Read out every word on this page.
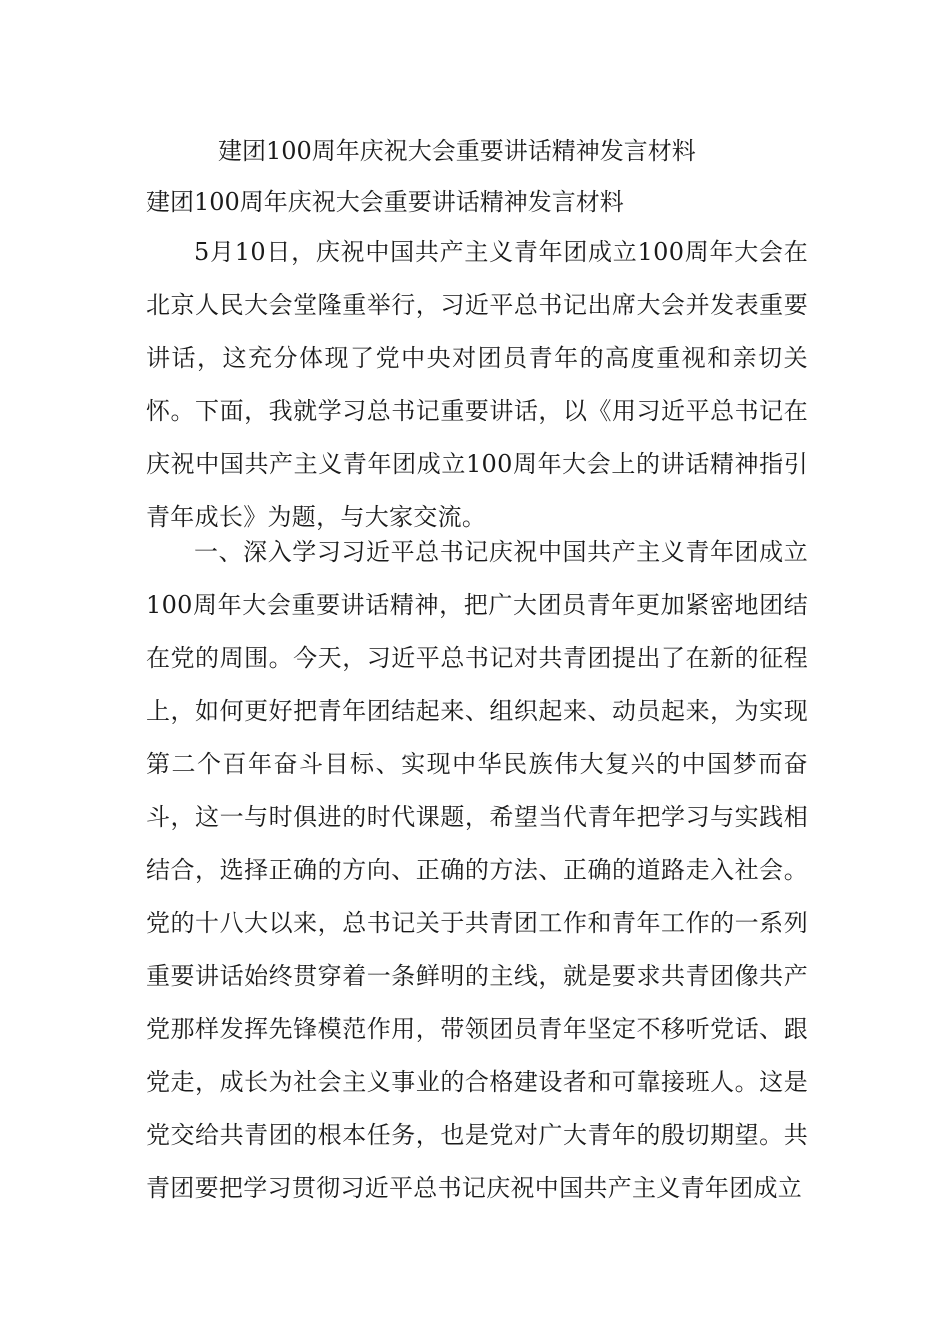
建团100周年庆祝大会重要讲话精神发言材料
建团100周年庆祝大会重要讲话精神发言材料

5月10日，庆祝中国共产主义青年团成立100周年大会在北京人民大会堂隆重举行，习近平总书记出席大会并发表重要讲话，这充分体现了党中央对团员青年的高度重视和亲切关怀。下面，我就学习总书记重要讲话，以《用习近平总书记在庆祝中国共产主义青年团成立100周年大会上的讲话精神指引青年成长》为题，与大家交流。

一、深入学习习近平总书记庆祝中国共产主义青年团成立100周年大会重要讲话精神，把广大团员青年更加紧密地团结在党的周围。今天，习近平总书记对共青团提出了在新的征程上，如何更好把青年团结起来、组织起来、动员起来，为实现第二个百年奋斗目标、实现中华民族伟大复兴的中国梦而奋斗，这一与时俱进的时代课题，希望当代青年把学习与实践相结合，选择正确的方向、正确的方法、正确的道路走入社会。党的十八大以来，总书记关于共青团工作和青年工作的一系列重要讲话始终贯穿着一条鲜明的主线，就是要求共青团像共产党那样发挥先锋模范作用，带领团员青年坚定不移听党话、跟党走，成长为社会主义事业的合格建设者和可靠接班人。这是党交给共青团的根本任务，也是党对广大青年的殷切期望。共青团要把学习贯彻习近平总书记庆祝中国共产主义青年团成立
